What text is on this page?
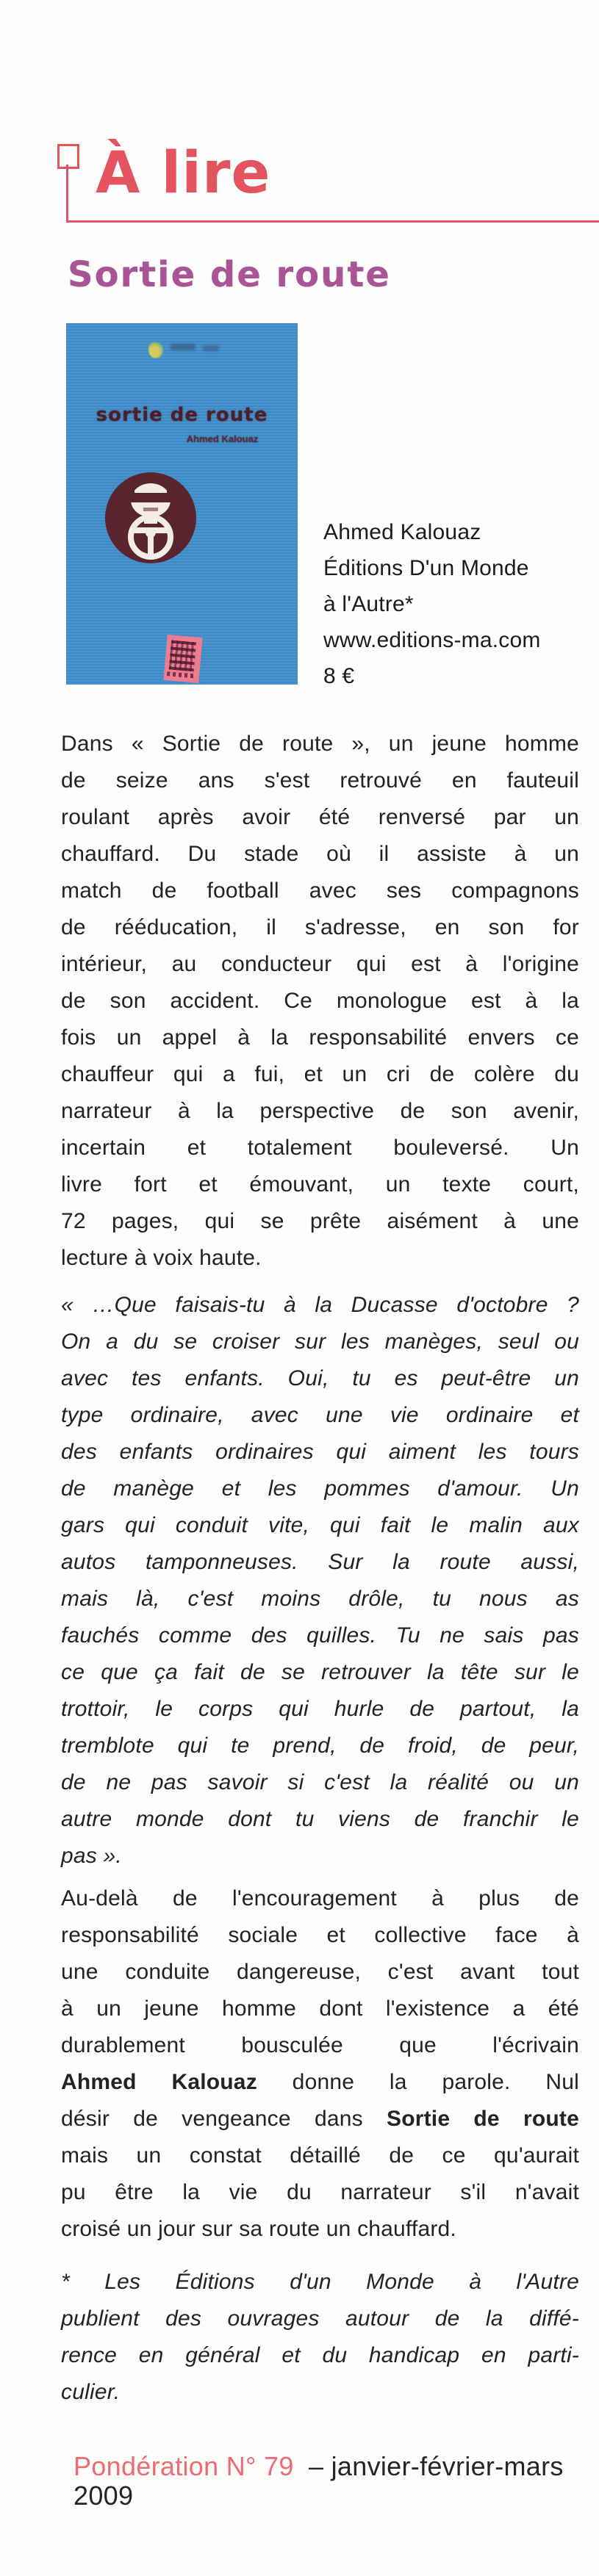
À lire
Sortie de route
sortie de route
Ahmed Kalouaz
Ahmed Kalouaz
Éditions D'un Monde
à l'Autre*
www.editions-ma.com
8 €
Dans « Sortie de route », un jeune homme
de seize ans s'est retrouvé en fauteuil
roulant après avoir été renversé par un
chauffard. Du stade où il assiste à un
match de football avec ses compagnons
de rééducation, il s'adresse, en son for
intérieur, au conducteur qui est à l'origine
de son accident. Ce monologue est à la
fois un appel à la responsabilité envers ce
chauffeur qui a fui, et un cri de colère du
narrateur à la perspective de son avenir,
incertain et totalement bouleversé. Un
livre fort et émouvant, un texte court,
72 pages, qui se prête aisément à une
lecture à voix haute.
« …Que faisais-tu à la Ducasse d'octobre ?
On a du se croiser sur les manèges, seul ou
avec tes enfants. Oui, tu es peut-être un
type ordinaire, avec une vie ordinaire et
des enfants ordinaires qui aiment les tours
de manège et les pommes d'amour. Un
gars qui conduit vite, qui fait le malin aux
autos tamponneuses. Sur la route aussi,
mais là, c'est moins drôle, tu nous as
fauchés comme des quilles. Tu ne sais pas
ce que ça fait de se retrouver la tête sur le
trottoir, le corps qui hurle de partout, la
tremblote qui te prend, de froid, de peur,
de ne pas savoir si c'est la réalité ou un
autre monde dont tu viens de franchir le
pas ».
Au-delà de l'encouragement à plus de
responsabilité sociale et collective face à
une conduite dangereuse, c'est avant tout
à un jeune homme dont l'existence a été
durablement bousculée que l'écrivain
Ahmed Kalouaz donne la parole. Nul
désir de vengeance dans Sortie de route
mais un constat détaillé de ce qu'aurait
pu être la vie du narrateur s'il n'avait
croisé un jour sur sa route un chauffard.
* Les Éditions d'un Monde à l'Autre
publient des ouvrages autour de la diffé-
rence en général et du handicap en parti-
culier.
Pondération N° 79 – janvier-février-mars 2009
